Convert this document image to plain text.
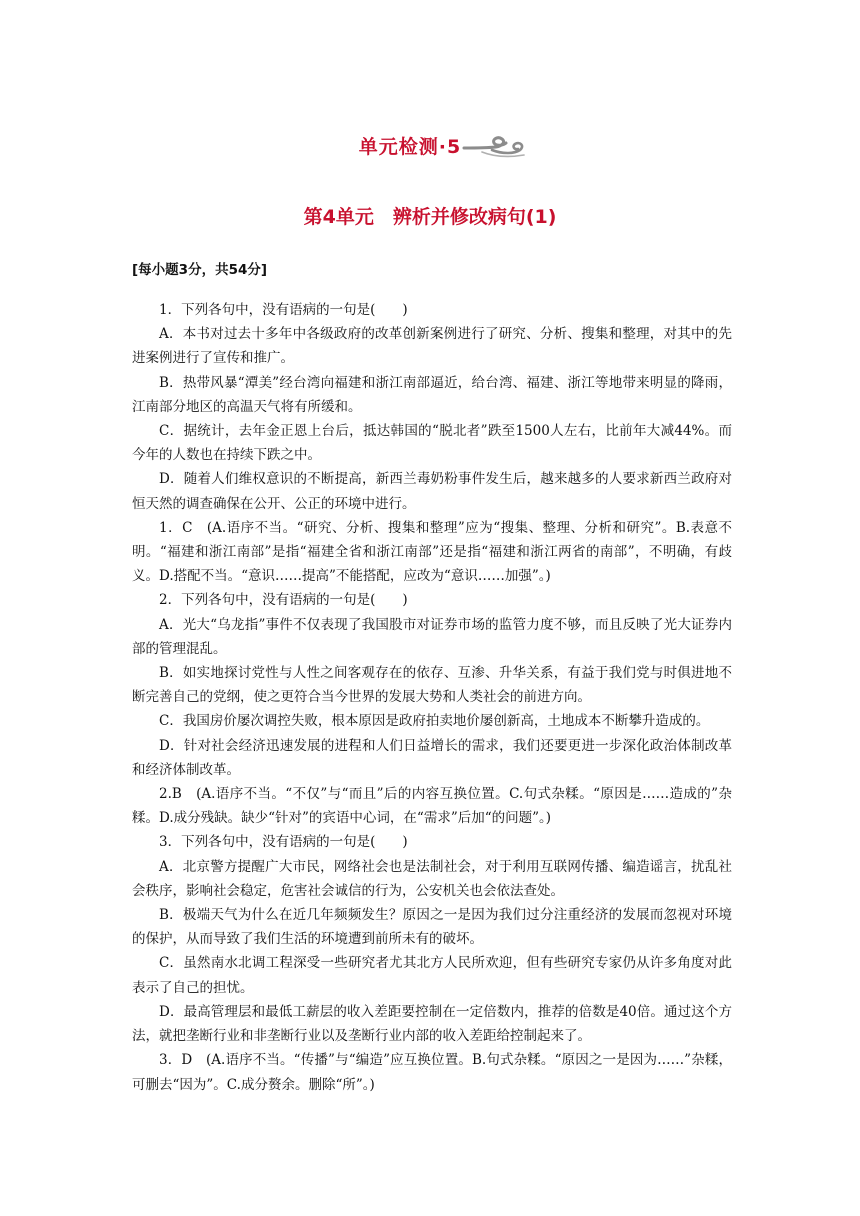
单元检测·5
第4单元　辨析并修改病句(1)
[每小题3分，共54分]

1．下列各句中，没有语病的一句是(　　)

A．本书对过去十多年中各级政府的改革创新案例进行了研究、分析、搜集和整理，对其中的先进案例进行了宣传和推广。

B．热带风暴“潭美”经台湾向福建和浙江南部逼近，给台湾、福建、浙江等地带来明显的降雨，江南部分地区的高温天气将有所缓和。

C．据统计，去年金正恩上台后，抵达韩国的“脱北者”跌至1500人左右，比前年大减44%。而今年的人数也在持续下跌之中。

D．随着人们维权意识的不断提高，新西兰毒奶粉事件发生后，越来越多的人要求新西兰政府对恒天然的调查确保在公开、公正的环境中进行。

1．C　(A.语序不当。“研究、分析、搜集和整理”应为“搜集、整理、分析和研究”。B.表意不明。“福建和浙江南部”是指“福建全省和浙江南部”还是指“福建和浙江两省的南部”，不明确，有歧义。D.搭配不当。“意识……提高”不能搭配，应改为“意识……加强”。)

2．下列各句中，没有语病的一句是(　　)

A．光大“乌龙指”事件不仅表现了我国股市对证券市场的监管力度不够，而且反映了光大证券内部的管理混乱。

B．如实地探讨党性与人性之间客观存在的依存、互渗、升华关系，有益于我们党与时俱进地不断完善自己的党纲，使之更符合当今世界的发展大势和人类社会的前进方向。

C．我国房价屡次调控失败，根本原因是政府拍卖地价屡创新高，土地成本不断攀升造成的。

D．针对社会经济迅速发展的进程和人们日益增长的需求，我们还要更进一步深化政治体制改革和经济体制改革。

2.B　(A.语序不当。“不仅”与“而且”后的内容互换位置。C.句式杂糅。“原因是……造成的”杂糅。D.成分残缺。缺少“针对”的宾语中心词，在“需求”后加“的问题”。)

3．下列各句中，没有语病的一句是(　　)

A．北京警方提醒广大市民，网络社会也是法制社会，对于利用互联网传播、编造谣言，扰乱社会秩序，影响社会稳定，危害社会诚信的行为，公安机关也会依法查处。

B．极端天气为什么在近几年频频发生？原因之一是因为我们过分注重经济的发展而忽视对环境的保护，从而导致了我们生活的环境遭到前所未有的破坏。

C．虽然南水北调工程深受一些研究者尤其北方人民所欢迎，但有些研究专家仍从许多角度对此表示了自己的担忧。

D．最高管理层和最低工薪层的收入差距要控制在一定倍数内，推荐的倍数是40倍。通过这个方法，就把垄断行业和非垄断行业以及垄断行业内部的收入差距给控制起来了。

3．D　(A.语序不当。“传播”与“编造”应互换位置。B.句式杂糅。“原因之一是因为……”杂糅，可删去“因为”。C.成分赘余。删除“所”。)
